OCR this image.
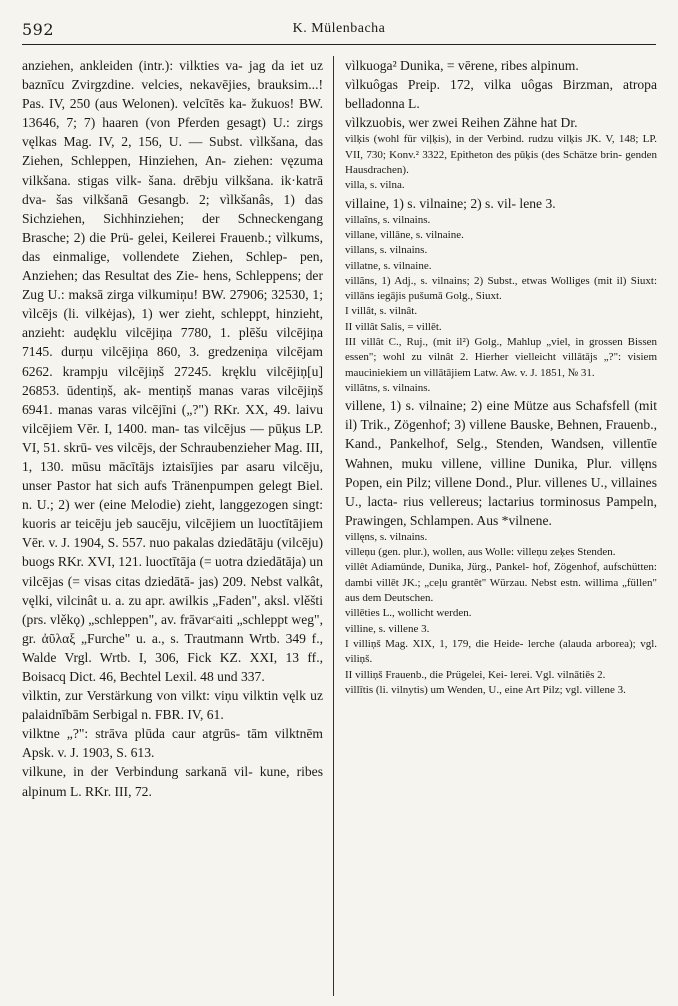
592	K. Mülenbacha

anziehen, ankleiden (intr.): vilkties va- jag da iet uz baznīcu Zvirgzdine. velcies, nekavējies, brauksim...! Pas. IV, 250 (aus Welonen). velcītēs ka- žukuos! BW. 13646, 7; 7) haaren (von Pferden gesagt) U.: zirgs vęlkas Mag. IV, 2, 156, U. — Subst. vìlkšana, das Ziehen, Schleppen, Hinziehen, An- ziehen: vęzuma vilkšana. stigas vilk- šana. drēbju vilkšana. ik·katrā dva- šas vilkšanā Gesangb. 2; vìlkšanâs, 1) das Sichziehen, Sichhinziehen; der Schneckengang Brasche; 2) die Prü- gelei, Keilerei Frauenb.; vìlkums, das einmalige, vollendete Ziehen, Schlep- pen, Anziehen; das Resultat des Zie- hens, Schleppens; der Zug U.: maksā zirga vilkumiņu! BW. 27906; 32530, 1; vìlcējs (li. vilkėjas), 1) wer zieht, schleppt, hinzieht, anzieht: audęklu vilcējiņa 7780, 1. plēšu vilcējiņa 7145. durņu vilcējiņa 860, 3. gredzeniņa vilcējam 6262. krampju vilcējiņš 27245. kręklu vilcējiņ[u] 26853. ūdentiņš, ak- mentiņš manas varas vilcējiņš 6941. manas varas vilcējīni („?") RKr. XX, 49. laivu vilcējiem Vēr. I, 1400. man- tas vilcējus — pūķus LP. VI, 51. skrū- ves vilcējs, der Schraubenzieher Mag. III, 1, 130. mūsu mācītājs iztaisījies par asaru vilcēju, unser Pastor hat sich aufs Tränenpumpen gelegt Biel. n. U.; 2) wer (eine Melodie) zieht, langgezogen singt: kuoris ar teicēju jeb saucēju, vilcējiem un luoctītājiem Vēr. v. J. 1904, S. 557. nuo pakalas dziedātāju (vilcēju) buogs RKr. XVI, 121. luoctītāja (= uotra dziedātāja) un vilcējas (= visas citas dziedātā- jas) 209. Nebst valkât, vęlki, vilcinât u. a. zu apr. awilkis „Faden", aksl. vlěšti (prs. vlěkǫ) „schleppen", av. frāvarᶜaiti „schleppt weg", gr. ἀῦλαξ „Furche" u. a., s. Trautmann Wrtb. 349 f., Walde Vrgl. Wrtb. I, 306, Fick KZ. XXI, 13 ff., Boisacq Dict. 46, Bechtel Lexil. 48 und 337.

vìlktin, zur Verstärkung von vilkt: viņu vilktin vęlk uz palaidnībām Serbigal n. FBR. IV, 61.

vilktne „?": strāva plūda caur atgrūs- tām vilktnēm Apsk. v. J. 1903, S. 613.

vilkune, in der Verbindung sarkanā vil- kune, ribes alpinum L. RKr. III, 72.

vìlkuoga² Dunika, = vērene, ribes alpinum.

vìlkuôgas Preip. 172, vilka uôgas Birzman, atropa belladonna L.

vìlkzuobis, wer zwei Reihen Zähne hat Dr.

vìlķis (wohl für viļķis), in der Verbind. rudzu vilķis JK. V, 148; LP. VII, 730; Konv.² 3322, Epitheton des pūķis (des Schätze brin- genden Hausdrachen).

villa, s. vilna.

villaine, 1) s. vilnaine; 2) s. vil- lene 3.

villaîns, s. vilnains.

villane, villāne, s. vilnaine.

villans, s. vilnains.

villatne, s. vilnaine.

villãns, 1) Adj., s. vilnains; 2) Subst., etwas Wolliges (mit il) Siuxt: villāns iegājis pušumā Golg., Siuxt.

I villât, s. vilnât.

II villât Salis, = villēt.

III villât C., Ruj., (mit il²) Golg., Mahlup „viel, in grossen Bissen essen"; wohl zu vilnât 2. Hierher vielleicht villātājs „?": visiem mauciniekiem un villātājiem Latw. Aw. v. J. 1851, № 31.

villãtns, s. vilnains.

villene, 1) s. vilnaine; 2) eine Mütze aus Schafsfell (mit il) Trik., Zögenhof; 3) villene Bauske, Behnen, Frauenb., Kand., Pankelhof, Selg., Stenden, Wandsen, villentīe Wahnen, muku villene, villine Dunika, Plur. villęns Popen, ein Pilz; villene Dond., Plur. villenes U., villaines U., lacta- rius vellereus; lactarius torminosus Pampeln, Prawingen, Schlampen. Aus *vilnene.

villęns, s. vilnains.

villeņu (gen. plur.), wollen, aus Wolle: villeņu zeķes Stenden.

villêt Adiamünde, Dunika, Jürg., Pankel- hof, Zögenhof, aufschütten: dambi villēt JK.; „ceļu grantēt" Würzau. Nebst estn. willima „füllen" aus dem Deutschen.

villēties L., wollicht werden.

villine, s. villene 3.

I villiņš Mag. XIX, 1, 179, die Heide- lerche (alauda arborea); vgl. viliņš.

II villiņš Frauenb., die Prügelei, Kei- lerei. Vgl. vilnātiēs 2.

villītis (li. vilnytis) um Wenden, U., eine Art Pilz; vgl. villene 3.
